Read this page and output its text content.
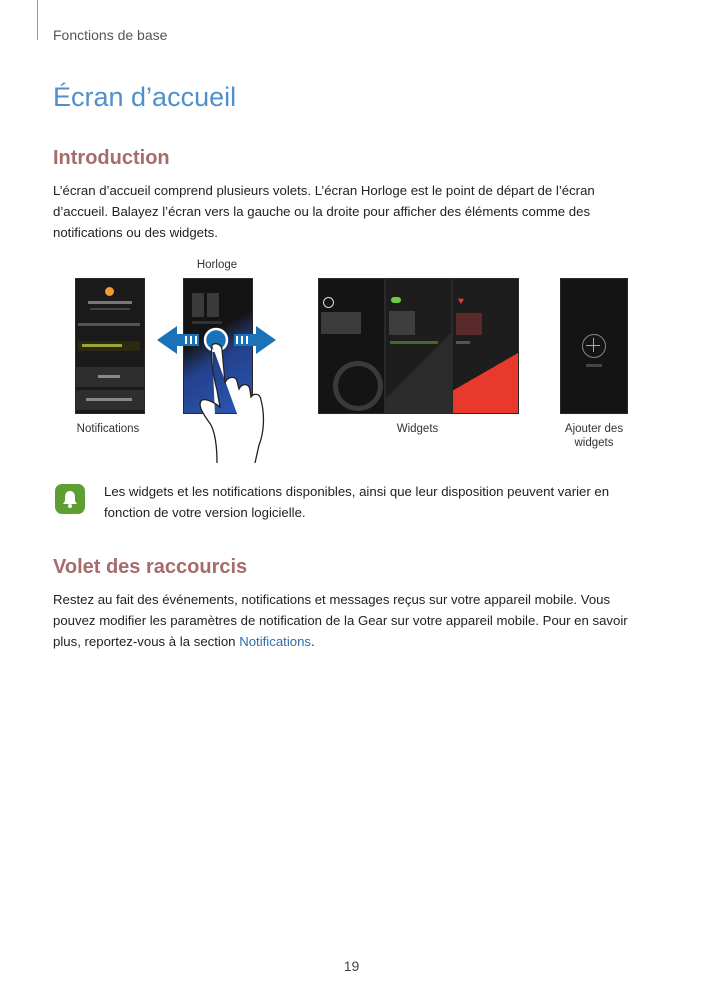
Fonctions de base
Écran d’accueil
Introduction

L’écran d’accueil comprend plusieurs volets. L’écran Horloge est le point de départ de l’écran d’accueil. Balayez l’écran vers la gauche ou la droite pour afficher des éléments comme des notifications ou des widgets.

Horloge
♥
Notifications	Widgets	Ajouter des widgets
Les widgets et les notifications disponibles, ainsi que leur disposition peuvent varier en fonction de votre version logicielle.
Volet des raccourcis

Restez au fait des événements, notifications et messages reçus sur votre appareil mobile. Vous pouvez modifier les paramètres de notification de la Gear sur votre appareil mobile. Pour en savoir plus, reportez-vous à la section Notifications.

19
